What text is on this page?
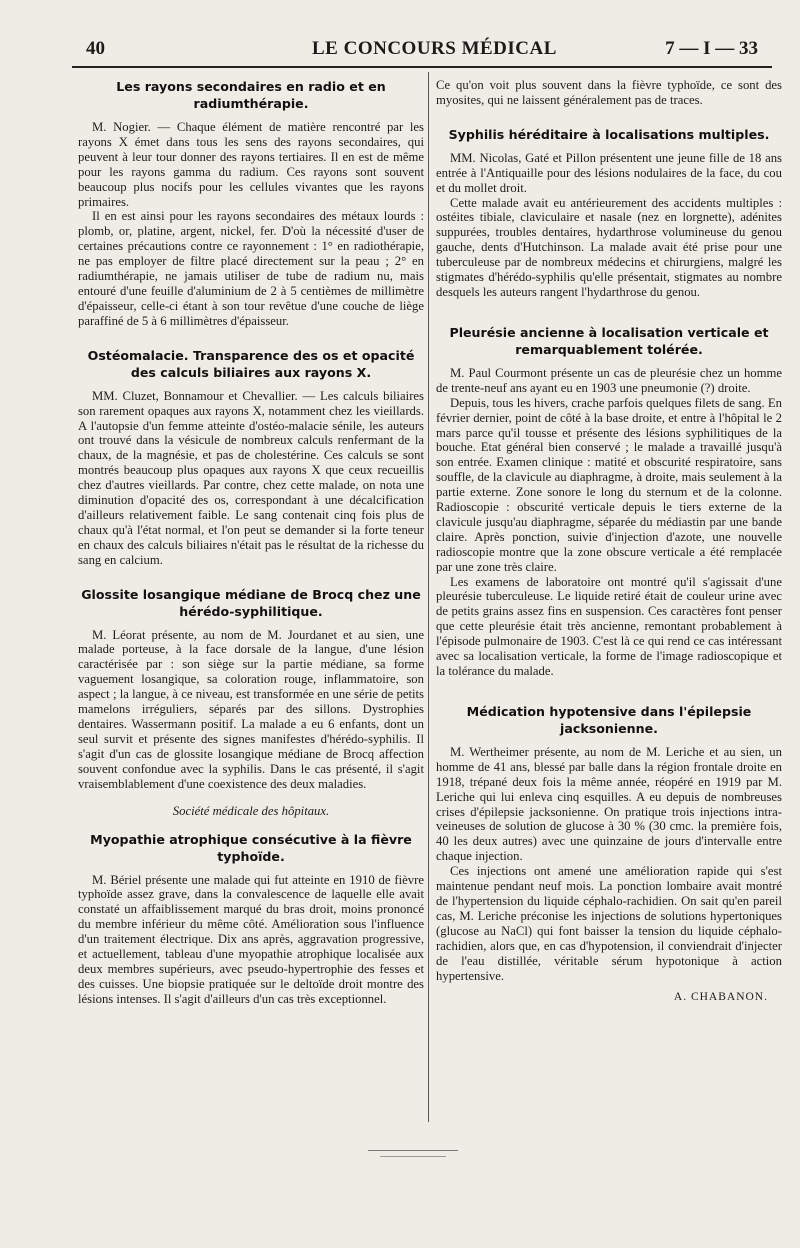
40	LE CONCOURS MÉDICAL	7 — I — 33
Les rayons secondaires en radio et en radiumthérapie.

M. Nogier. — Chaque élément de matière rencontré par les rayons X émet dans tous les sens des rayons secondaires, qui peuvent à leur tour donner des rayons tertiaires. Il en est de même pour les rayons gamma du radium. Ces rayons sont souvent beaucoup plus nocifs pour les cellules vivantes que les rayons primaires.

Il en est ainsi pour les rayons secondaires des métaux lourds : plomb, or, platine, argent, nickel, fer. D'où la nécessité d'user de certaines précautions contre ce rayonnement : 1° en radiothérapie, ne pas employer de filtre placé directement sur la peau ; 2° en radiumthérapie, ne jamais utiliser de tube de radium nu, mais entouré d'une feuille d'aluminium de 2 à 5 centièmes de millimètre d'épaisseur, celle-ci étant à son tour revêtue d'une couche de liège paraffiné de 5 à 6 millimètres d'épaisseur.

Ostéomalacie. Transparence des os et opacité des calculs biliaires aux rayons X.

MM. Cluzet, Bonnamour et Chevallier. — Les calculs biliaires son rarement opaques aux rayons X, notamment chez les vieillards. A l'autopsie d'un femme atteinte d'ostéo-malacie sénile, les auteurs ont trouvé dans la vésicule de nombreux calculs renfermant de la chaux, de la magnésie, et pas de cholestérine. Ces calculs se sont montrés beaucoup plus opaques aux rayons X que ceux recueillis chez d'autres vieillards. Par contre, chez cette malade, on nota une diminution d'opacité des os, correspondant à une décalcification d'ailleurs relativement faible. Le sang contenait cinq fois plus de chaux qu'à l'état normal, et l'on peut se demander si la forte teneur en chaux des calculs biliaires n'était pas le résultat de la richesse du sang en calcium.

Glossite losangique médiane de Brocq chez une hérédo-syphilitique.

M. Léorat présente, au nom de M. Jourdanet et au sien, une malade porteuse, à la face dorsale de la langue, d'une lésion caractérisée par : son siège sur la partie médiane, sa forme vaguement losangique, sa coloration rouge, inflammatoire, son aspect ; la langue, à ce niveau, est transformée en une série de petits mamelons irréguliers, séparés par des sillons. Dystrophies dentaires. Wassermann positif. La malade a eu 6 enfants, dont un seul survit et présente des signes manifestes d'hérédo-syphilis. Il s'agit d'un cas de glossite losangique médiane de Brocq affection souvent confondue avec la syphilis. Dans le cas présenté, il s'agit vraisemblablement d'une coexistence des deux maladies.

Société médicale des hôpitaux.
Myopathie atrophique consécutive à la fièvre typhoïde.

M. Bériel présente une malade qui fut atteinte en 1910 de fièvre typhoïde assez grave, dans la convalescence de laquelle elle avait constaté un affaiblissement marqué du bras droit, moins prononcé du membre inférieur du même côté. Amélioration sous l'influence d'un traitement électrique. Dix ans après, aggravation progressive, et actuellement, tableau d'une myopathie atrophique localisée aux deux membres supérieurs, avec pseudo-hypertrophie des fesses et des cuisses. Une biopsie pratiquée sur le deltoïde droit montre des lésions intenses. Il s'agit d'ailleurs d'un cas très exceptionnel.

Ce qu'on voit plus souvent dans la fièvre typhoïde, ce sont des myosites, qui ne laissent généralement pas de traces.

Syphilis héréditaire à localisations multiples.

MM. Nicolas, Gaté et Pillon présentent une jeune fille de 18 ans entrée à l'Antiquaille pour des lésions nodulaires de la face, du cou et du mollet droit.

Cette malade avait eu antérieurement des accidents multiples : ostéites tibiale, claviculaire et nasale (nez en lorgnette), adénites suppurées, troubles dentaires, hydarthrose volumineuse du genou gauche, dents d'Hutchinson. La malade avait été prise pour une tuberculeuse par de nombreux médecins et chirurgiens, malgré les stigmates d'hérédo-syphilis qu'elle présentait, stigmates au nombre desquels les auteurs rangent l'hydarthrose du genou.

Pleurésie ancienne à localisation verticale et remarquablement tolérée.

M. Paul Courmont présente un cas de pleurésie chez un homme de trente-neuf ans ayant eu en 1903 une pneumonie (?) droite.

Depuis, tous les hivers, crache parfois quelques filets de sang. En février dernier, point de côté à la base droite, et entre à l'hôpital le 2 mars parce qu'il tousse et présente des lésions syphilitiques de la bouche. Etat général bien conservé ; le malade a travaillé jusqu'à son entrée. Examen clinique : matité et obscurité respiratoire, sans souffle, de la clavicule au diaphragme, à droite, mais seulement à la partie externe. Zone sonore le long du sternum et de la colonne. Radioscopie : obscurité verticale depuis le tiers externe de la clavicule jusqu'au diaphragme, séparée du médiastin par une bande claire. Après ponction, suivie d'injection d'azote, une nouvelle radioscopie montre que la zone obscure verticale a été remplacée par une zone très claire.

Les examens de laboratoire ont montré qu'il s'agissait d'une pleurésie tuberculeuse. Le liquide retiré était de couleur urine avec de petits grains assez fins en suspension. Ces caractères font penser que cette pleurésie était très ancienne, remontant probablement à l'épisode pulmonaire de 1903. C'est là ce qui rend ce cas intéressant avec sa localisation verticale, la forme de l'image radioscopique et la tolérance du malade.

Médication hypotensive dans l'épilepsie jacksonienne.

M. Wertheimer présente, au nom de M. Leriche et au sien, un homme de 41 ans, blessé par balle dans la région frontale droite en 1918, trépané deux fois la même année, réopéré en 1919 par M. Leriche qui lui enleva cinq esquilles. A eu depuis de nombreuses crises d'épilepsie jacksonienne. On pratique trois injections intra-veineuses de solution de glucose à 30 % (30 cmc. la première fois, 40 les deux autres) avec une quinzaine de jours d'intervalle entre chaque injection.

Ces injections ont amené une amélioration rapide qui s'est maintenue pendant neuf mois. La ponction lombaire avait montré de l'hypertension du liquide céphalo-rachidien. On sait qu'en pareil cas, M. Leriche préconise les injections de solutions hypertoniques (glucose au NaCl) qui font baisser la tension du liquide céphalo-rachidien, alors que, en cas d'hypotension, il conviendrait d'injecter de l'eau distillée, véritable sérum hypotonique à action hypertensive.

A. CHABANON.
